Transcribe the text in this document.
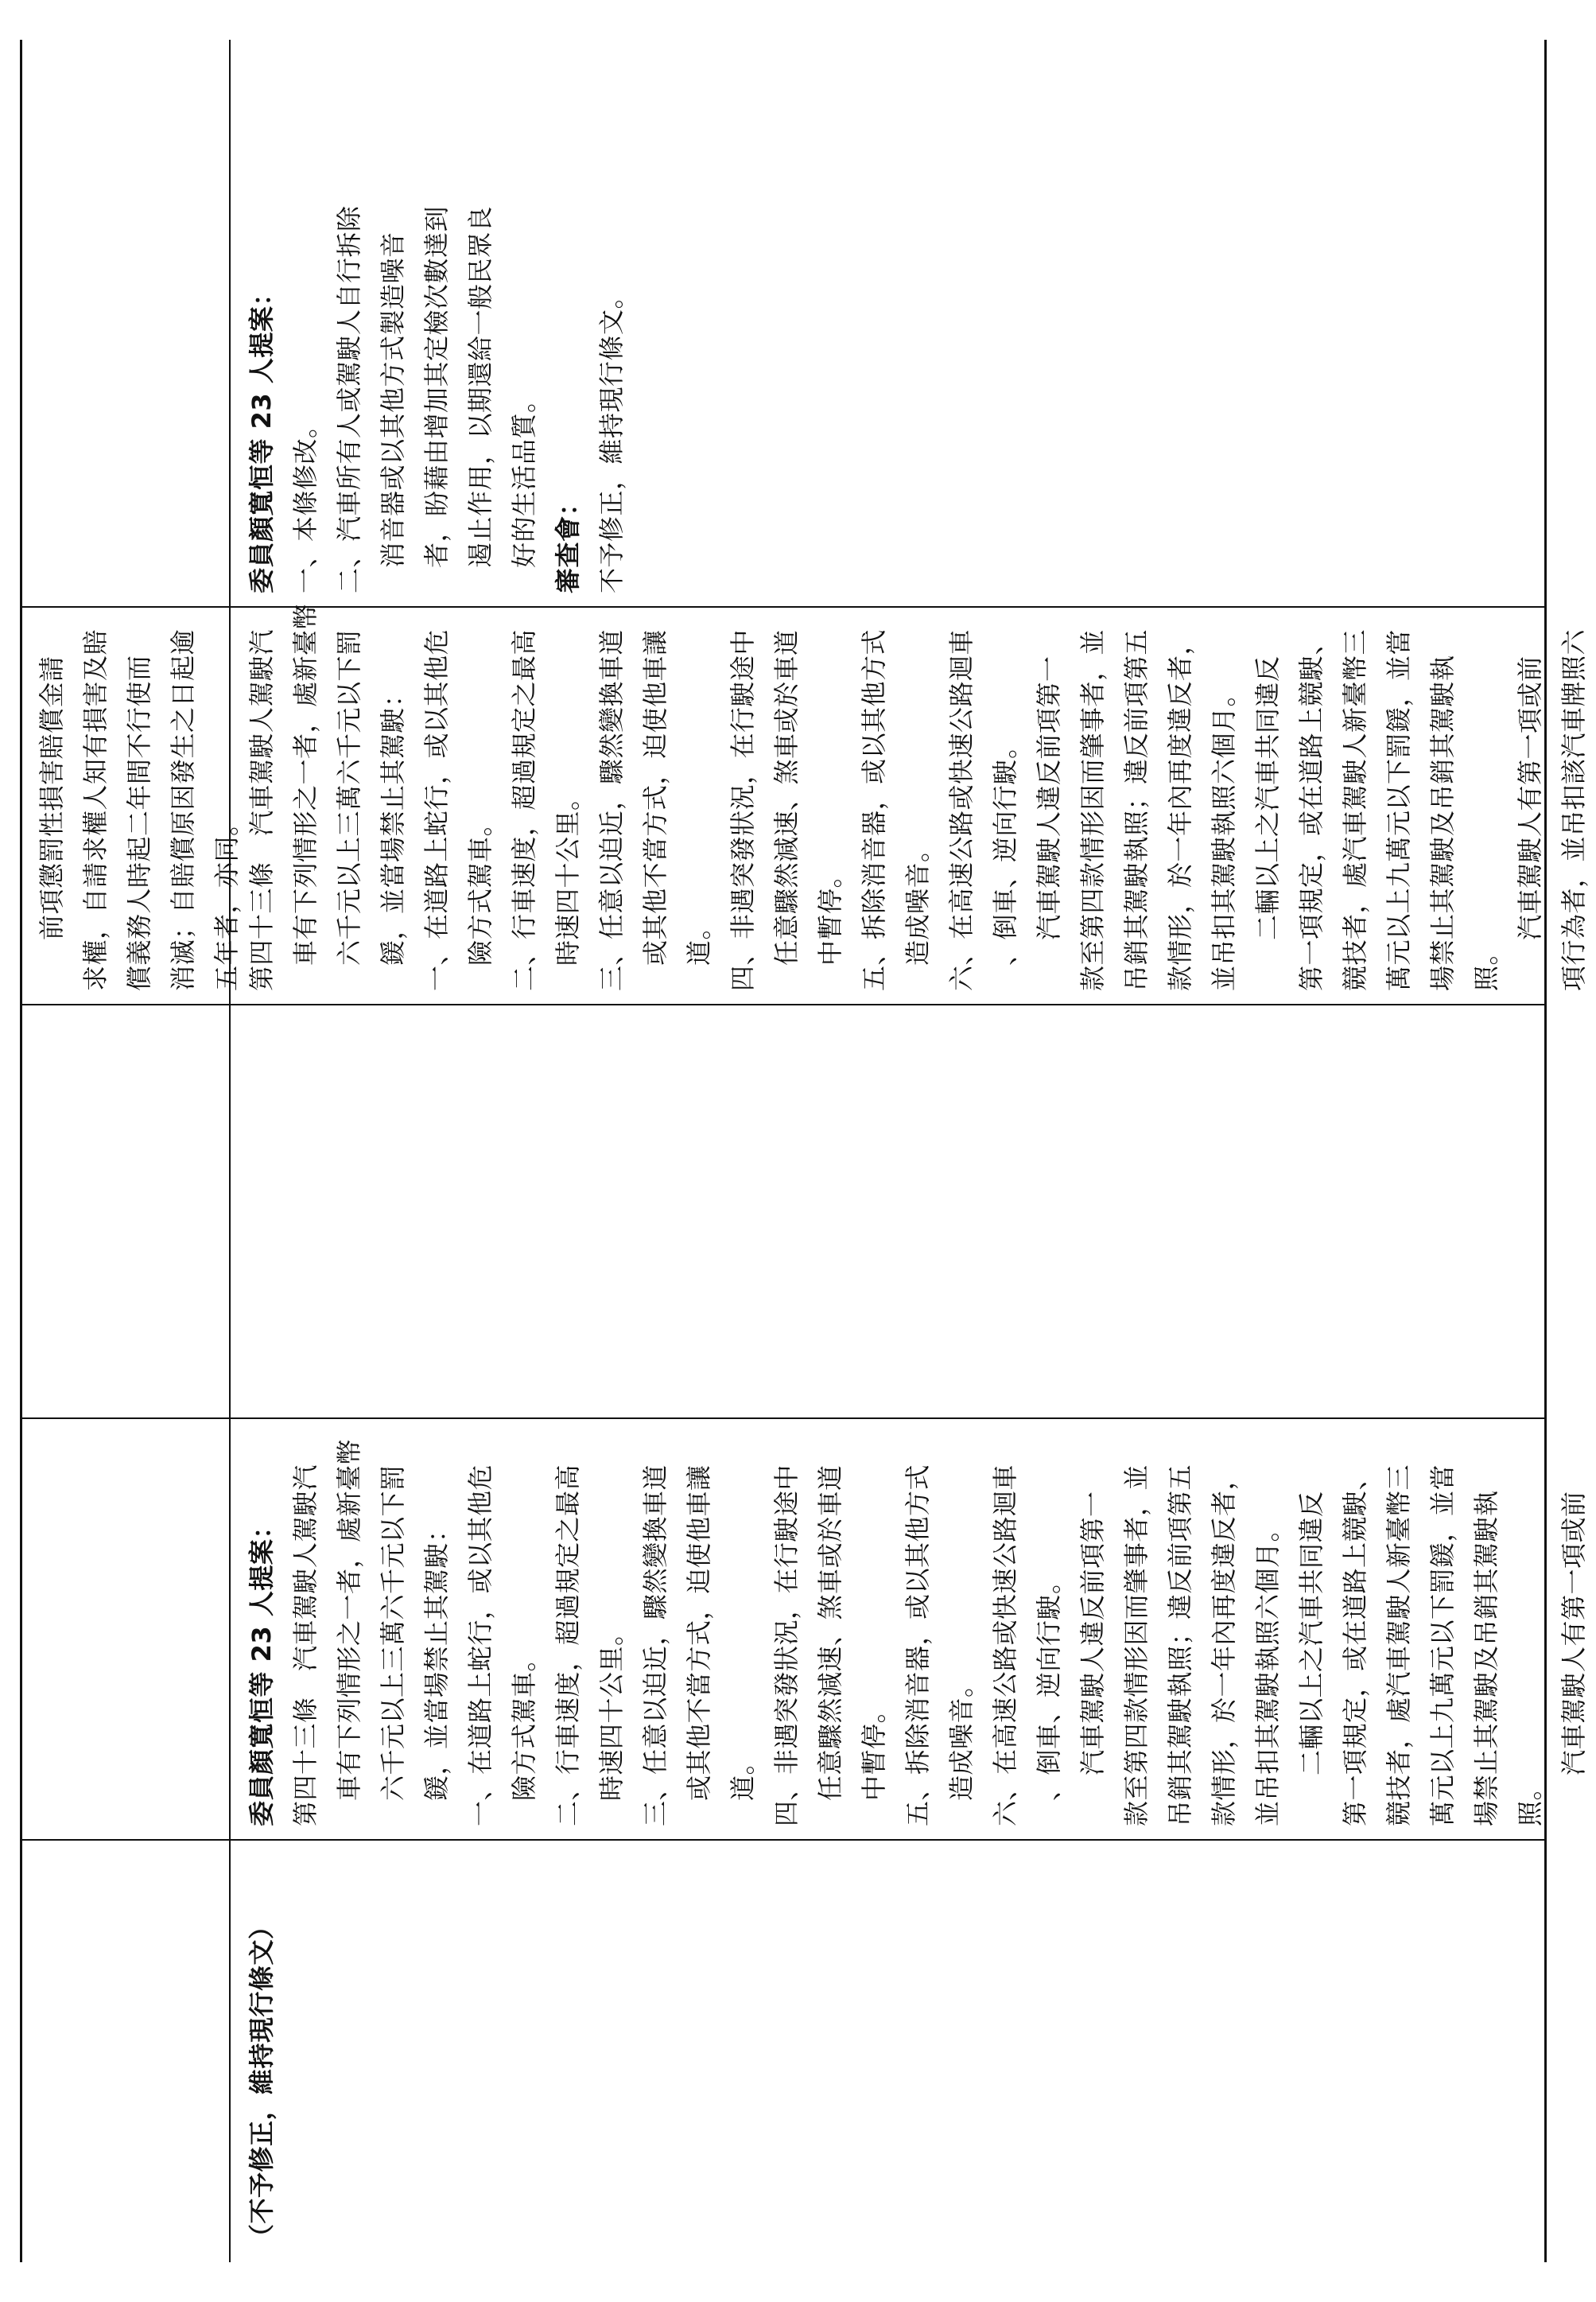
（不予修正，維持現行條文）
委員顏寬恒等 23 人提案： 第四十三條　汽車駕駛人駕駛汽 車有下列情形之一者，處新臺幣 六千元以上三萬六千元以下罰 鍰，並當場禁止其駕駛： 一、在道路上蛇行，或以其他危 險方式駕車。 二、行車速度，超過規定之最高 時速四十公里。 三、任意以迫近，驟然變換車道 或其他不當方式，迫使他車讓 道。 四、非遇突發狀況，在行駛途中 任意驟然減速、煞車或於車道 中暫停。 五、拆除消音器，或以其他方式 造成噪音。 六、在高速公路或快速公路迴車 、倒車、逆向行駛。 汽車駕駛人違反前項第一 款至第四款情形因而肇事者，並 吊銷其駕駛執照；違反前項第五 款情形，於一年內再度違反者， 並吊扣其駕駛執照六個月。 二輛以上之汽車共同違反 第一項規定，或在道路上競駛、 競技者，處汽車駕駛人新臺幣三 萬元以上九萬元以下罰鍰，並當 場禁止其駕駛及吊銷其駕駛執 照。
汽車駕駛人有第一項或前
前項懲罰性損害賠償金請 求權，自請求權人知有損害及賠 償義務人時起二年間不行使而 消滅；自賠償原因發生之日起逾 五年者，亦同。 第四十三條　汽車駕駛人駕駛汽 車有下列情形之一者，處新臺幣 六千元以上三萬六千元以下罰 鍰，並當場禁止其駕駛： 一、在道路上蛇行，或以其他危 險方式駕車。 二、行車速度，超過規定之最高 時速四十公里。 三、任意以迫近，驟然變換車道 或其他不當方式，迫使他車讓 道。 四、非遇突發狀況，在行駛途中 任意驟然減速、煞車或於車道 中暫停。 五、拆除消音器，或以其他方式 造成噪音。 六、在高速公路或快速公路迴車 、倒車、逆向行駛。 汽車駕駛人違反前項第一 款至第四款情形因而肇事者，並 吊銷其駕駛執照；違反前項第五 款情形，於一年內再度違反者， 並吊扣其駕駛執照六個月。 二輛以上之汽車共同違反 第一項規定，或在道路上競駛、 競技者，處汽車駕駛人新臺幣三 萬元以上九萬元以下罰鍰，並當 場禁止其駕駛及吊銷其駕駛執 照。
汽車駕駛人有第一項或前 項行為者，並吊扣該汽車牌照六
委員顏寬恒等 23 人提案： 一、本條修改。 二、汽車所有人或駕駛人自行拆除 消音器或以其他方式製造噪音 者，盼藉由增加其定檢次數達到 遏止作用，以期還給一般民眾良 好的生活品質。 審查會： 不予修正，維持現行條文。
